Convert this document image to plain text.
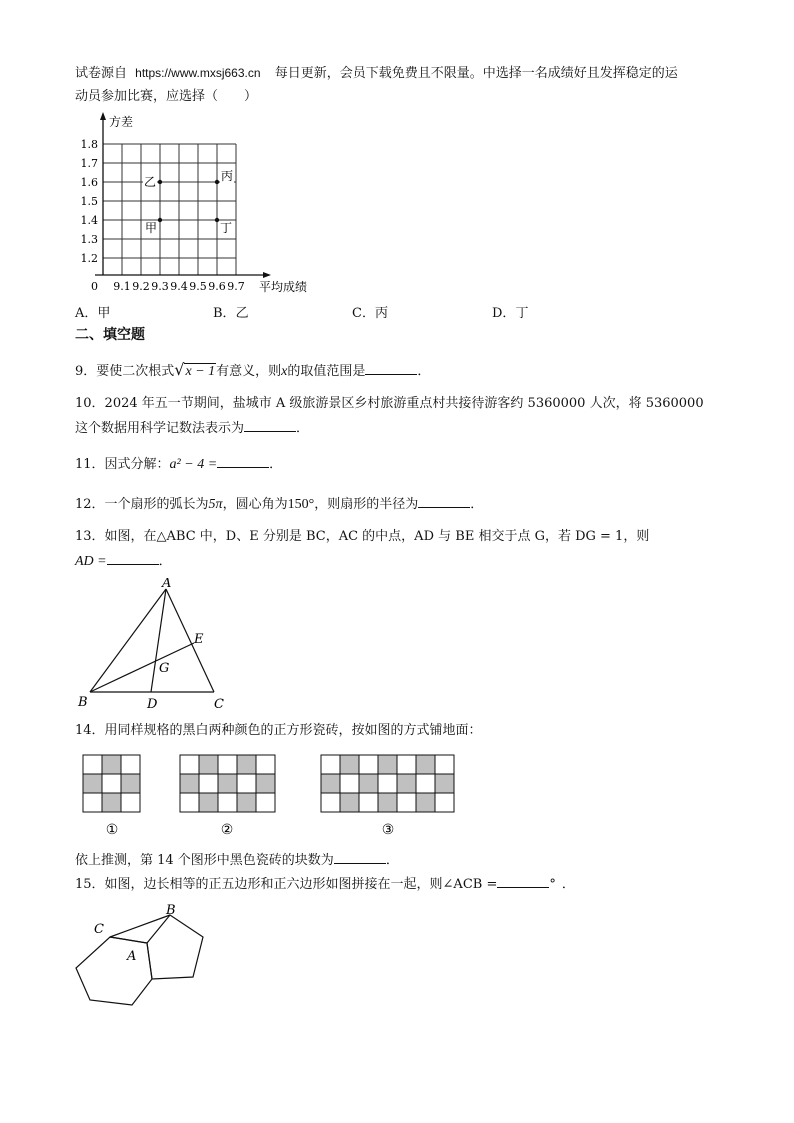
试卷源自 https://www.mxsj663.cn 每日更新，会员下载免费且不限量。中选择一名成绩好且发挥稳定的运
动员参加比赛，应选择（　　）
1.2
1.3
1.4
1.5
1.6
1.7
1.8
9.1 9.2 9.3 9.4 9.5 9.6 9.7
0
方差
平均成绩
乙	丙
甲	丁
A．甲	B．乙	C．丙	D．丁
二、填空题
9．要使二次根式√x − 1有意义，则x的取值范围是	．
10．2024 年五一节期间，盐城市 A 级旅游景区乡村旅游重点村共接待游客约 5360000 人次，将 5360000
这个数据用科学记数法表示为	．
11．因式分解：a² − 4 =	．
12．一个扇形的弧长为5π，圆心角为150°，则扇形的半径为	．
13．如图，在△ABC 中，D、E 分别是 BC，AC 的中点，AD 与 BE 相交于点 G，若 DG = 1，则
AD =	．
A
B	C
D
E
G
14．用同样规格的黑白两种颜色的正方形瓷砖，按如图的方式铺地面：
①	②	③
依上推测，第 14 个图形中黑色瓷砖的块数为	．
15．如图，边长相等的正五边形和正六边形如图拼接在一起，则∠ACB =	° ．
C
B
A
